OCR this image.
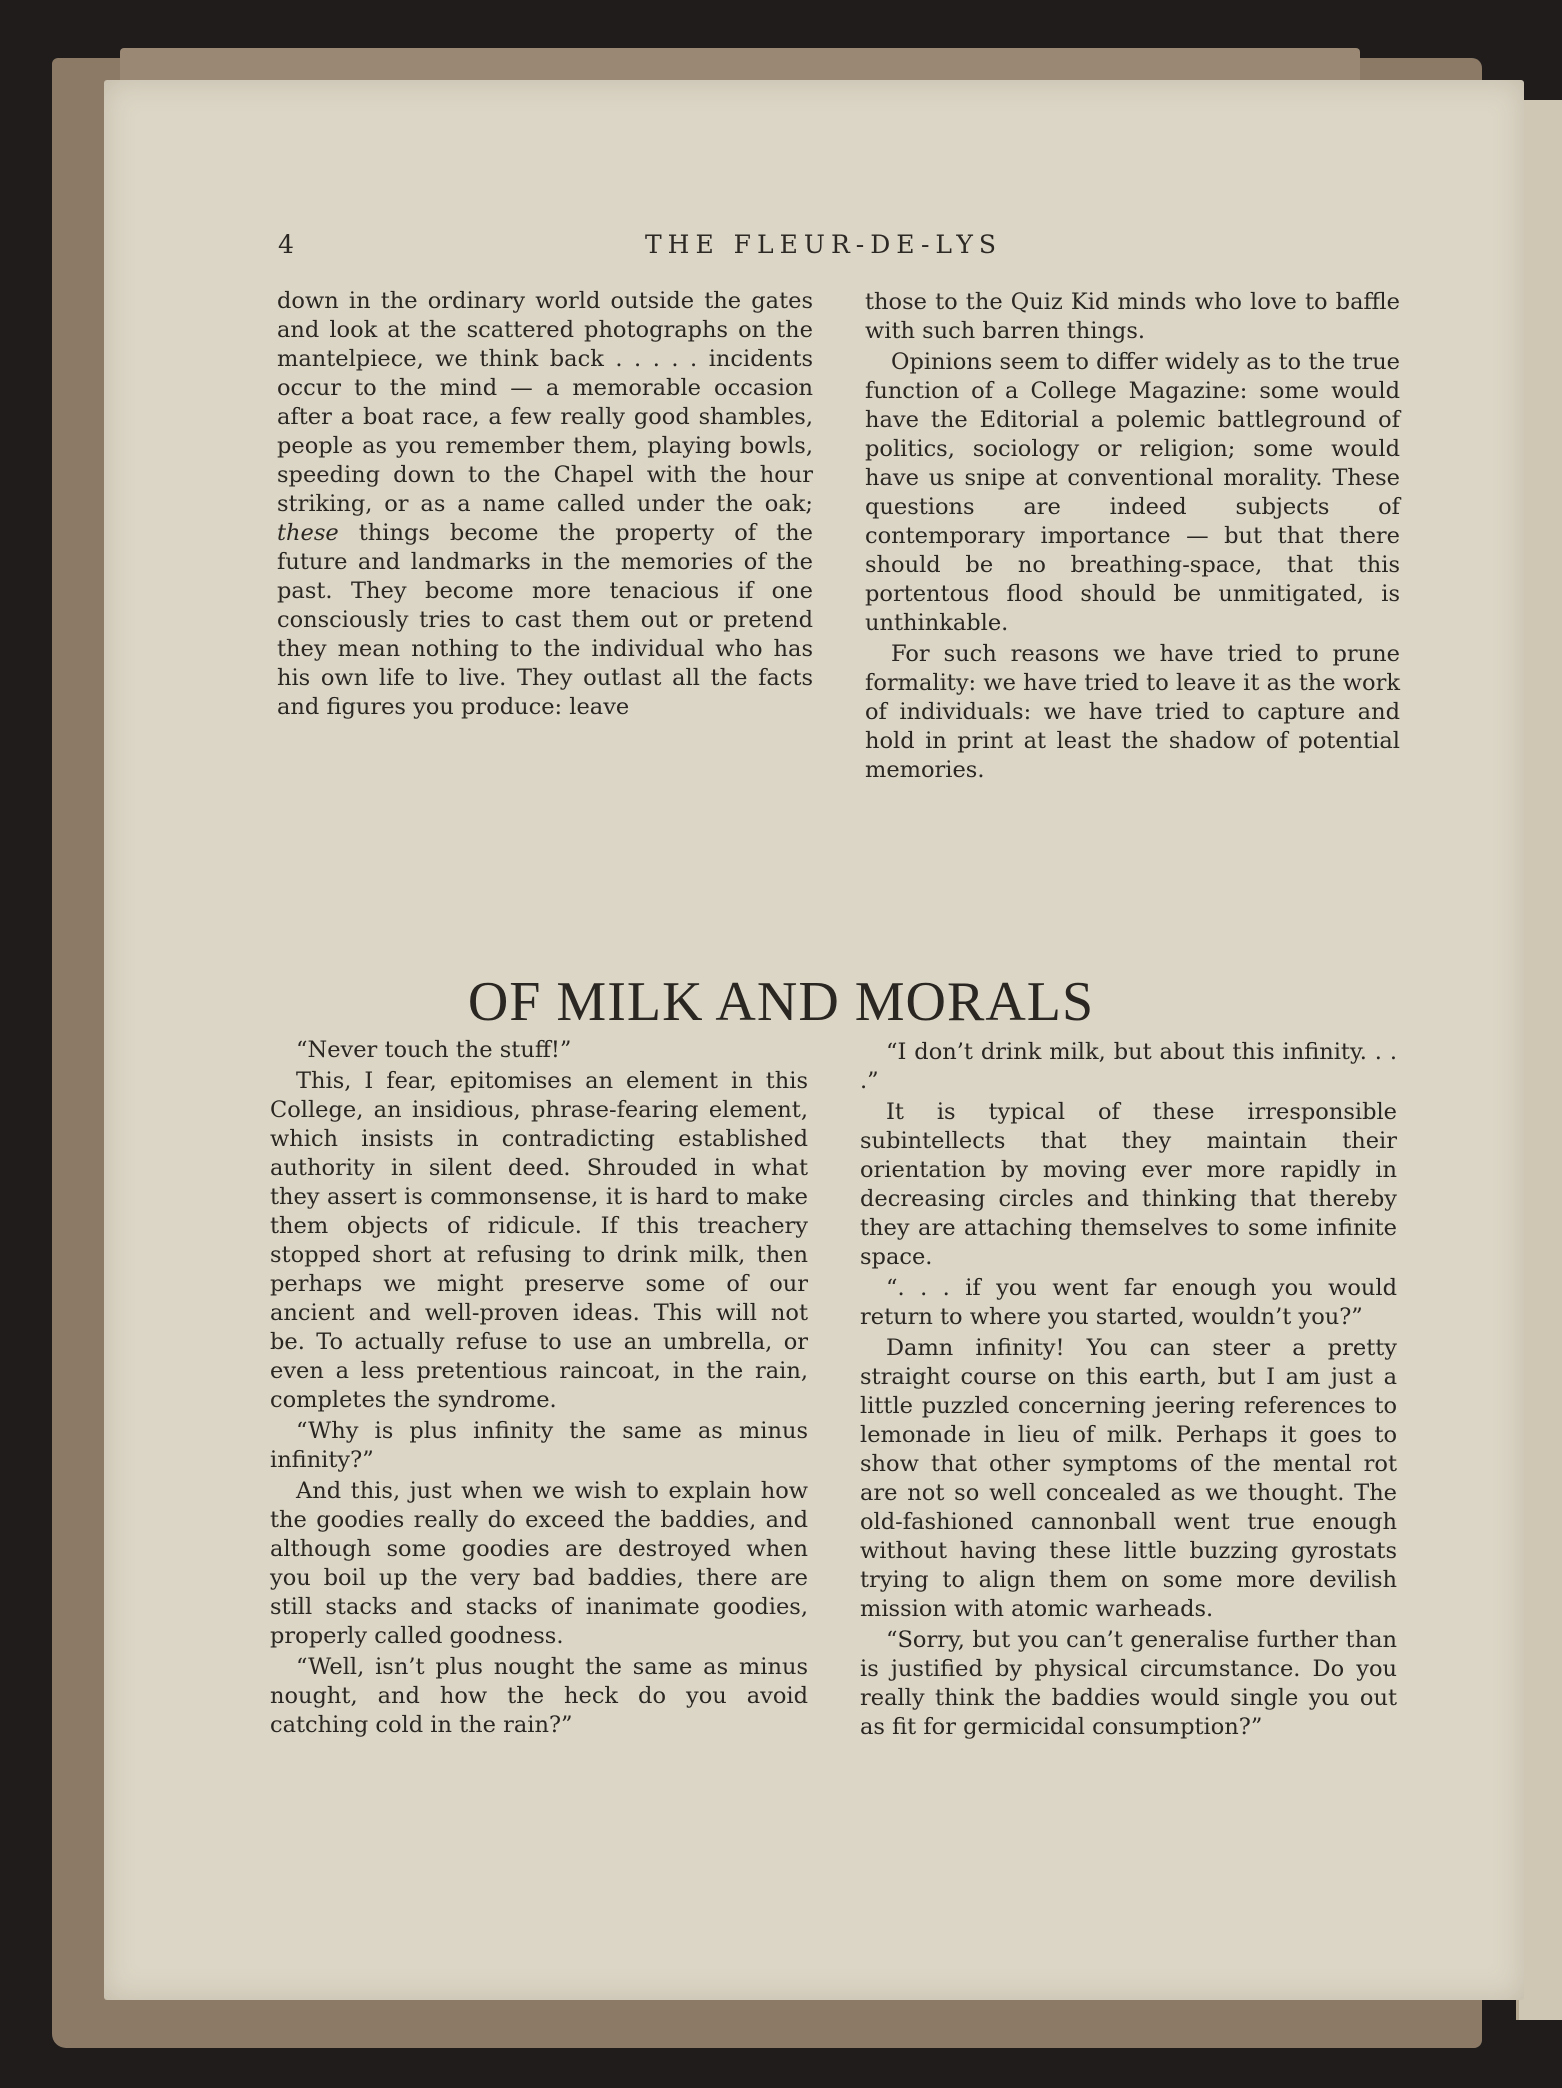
4	THE FLEUR-DE-LYS

down in the ordinary world outside the gates and look at the scattered photographs on the mantelpiece, we think back . . . . . incidents occur to the mind — a memorable occasion after a boat race, a few really good shambles, people as you remember them, playing bowls, speeding down to the Chapel with the hour striking, or as a name called under the oak; these things become the property of the future and landmarks in the memories of the past. They become more tenacious if one consciously tries to cast them out or pretend they mean nothing to the individual who has his own life to live. They outlast all the facts and figures you produce: leave

those to the Quiz Kid minds who love to baffle with such barren things.

Opinions seem to differ widely as to the true function of a College Magazine: some would have the Editorial a polemic battleground of politics, sociology or religion; some would have us snipe at conventional morality. These questions are indeed subjects of contemporary importance — but that there should be no breathing-space, that this portentous flood should be unmitigated, is unthinkable.

For such reasons we have tried to prune formality: we have tried to leave it as the work of individuals: we have tried to capture and hold in print at least the shadow of potential memories.

OF MILK AND MORALS

“Never touch the stuff!”

This, I fear, epitomises an element in this College, an insidious, phrase-fearing element, which insists in contradicting established authority in silent deed. Shrouded in what they assert is commonsense, it is hard to make them objects of ridicule. If this treachery stopped short at refusing to drink milk, then perhaps we might preserve some of our ancient and well-proven ideas. This will not be. To actually refuse to use an umbrella, or even a less pretentious raincoat, in the rain, completes the syndrome.

“Why is plus infinity the same as minus infinity?”

And this, just when we wish to explain how the goodies really do exceed the baddies, and although some goodies are destroyed when you boil up the very bad baddies, there are still stacks and stacks of inanimate goodies, properly called goodness.

“Well, isn’t plus nought the same as minus nought, and how the heck do you avoid catching cold in the rain?”

“I don’t drink milk, but about this infinity. . . .”

It is typical of these irresponsible subintellects that they maintain their orientation by moving ever more rapidly in decreasing circles and thinking that thereby they are attaching themselves to some infinite space.

“. . . if you went far enough you would return to where you started, wouldn’t you?”

Damn infinity! You can steer a pretty straight course on this earth, but I am just a little puzzled concerning jeering references to lemonade in lieu of milk. Perhaps it goes to show that other symptoms of the mental rot are not so well concealed as we thought. The old-fashioned cannonball went true enough without having these little buzzing gyrostats trying to align them on some more devilish mission with atomic warheads.

“Sorry, but you can’t generalise further than is justified by physical circumstance. Do you really think the baddies would single you out as fit for germicidal consumption?”
